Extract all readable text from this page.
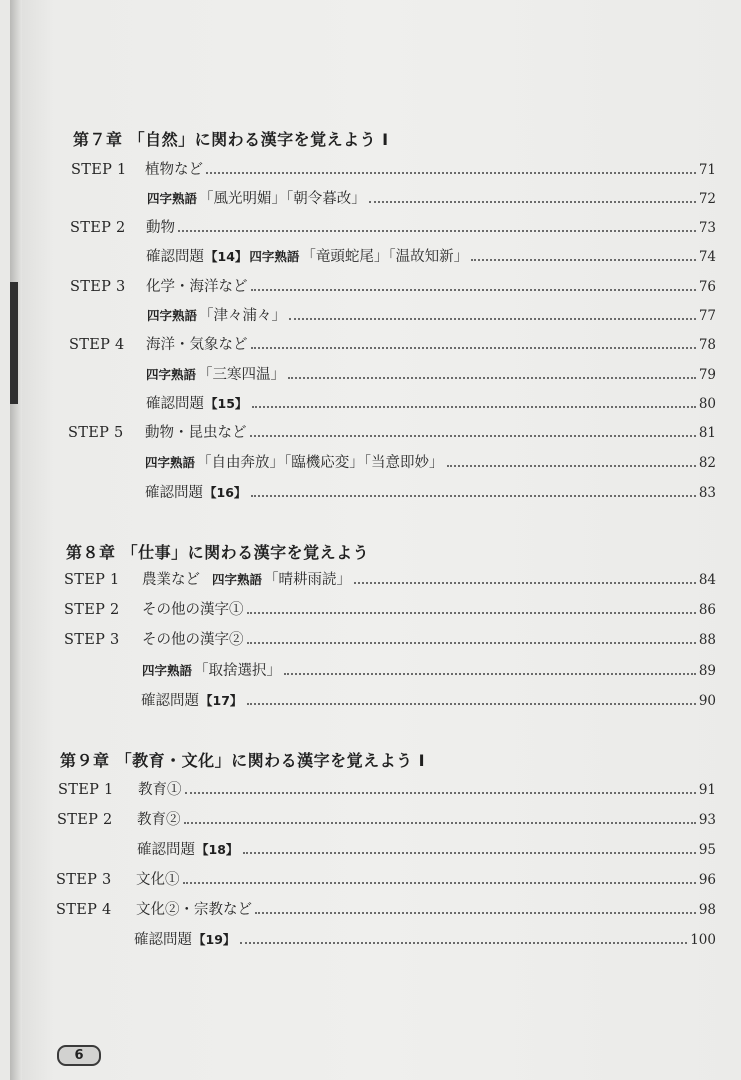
第７章 「自然」に関わる漢字を覚えよう I
STEP 1	植物など	71
四字熟語 「風光明媚」「朝令暮改」	72
STEP 2	動物	73
確認問題 【14】 四字熟語 「竜頭蛇尾」「温故知新」	74
STEP 3	化学・海洋など	76
四字熟語 「津々浦々」	77
STEP 4	海洋・気象など	78
四字熟語 「三寒四温」	79
確認問題 【15】	80
STEP 5	動物・昆虫など	81
四字熟語 「自由奔放」「臨機応変」「当意即妙」	82
確認問題 【16】	83
第８章 「仕事」に関わる漢字を覚えよう
STEP 1	農業など 四字熟語 「晴耕雨読」	84
STEP 2	その他の漢字①	86
STEP 3	その他の漢字②	88
四字熟語 「取捨選択」	89
確認問題 【17】	90
第９章 「教育・文化」に関わる漢字を覚えよう I
STEP 1	教育①	91
STEP 2	教育②	93
確認問題 【18】	95
STEP 3	文化①	96
STEP 4	文化②・宗教など	98
確認問題 【19】	100
6
